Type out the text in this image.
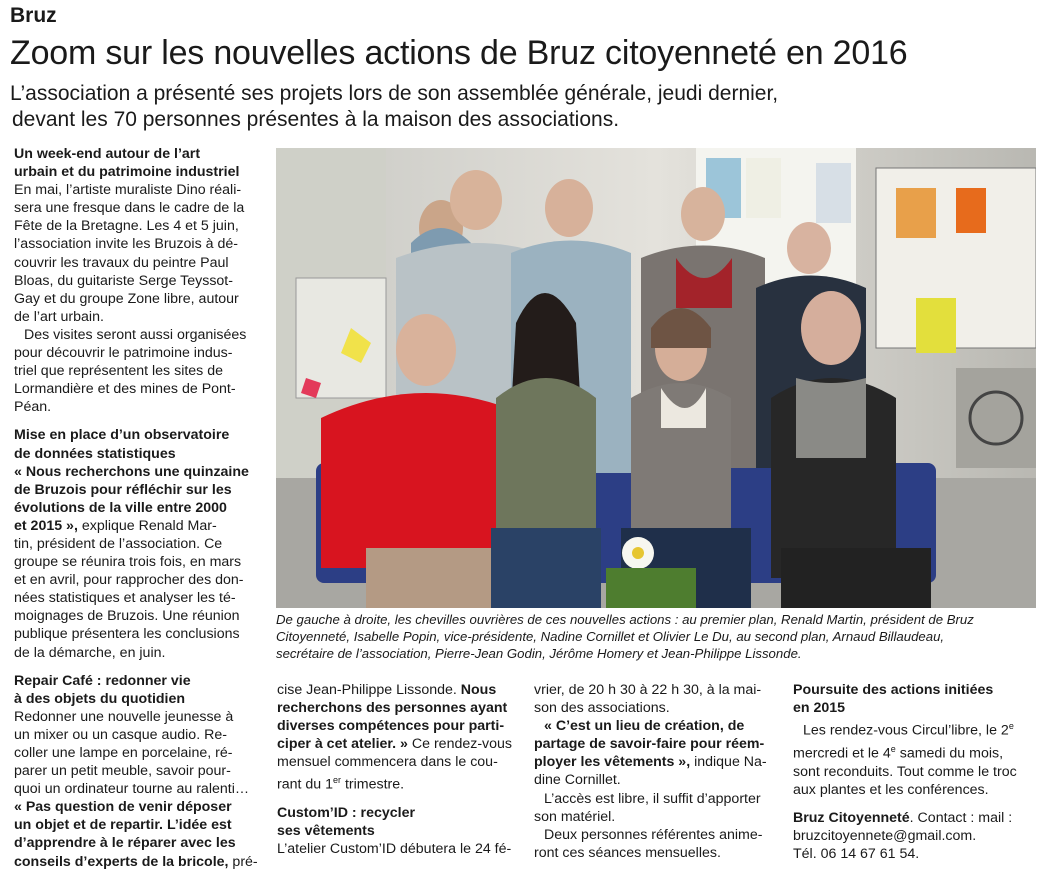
Bruz
Zoom sur les nouvelles actions de Bruz citoyenneté en 2016
L’association a présenté ses projets lors de son assemblée générale, jeudi dernier,
devant les 70 personnes présentes à la maison des associations.
Un week-end autour de l’art
urbain et du patrimoine industriel

En mai, l’artiste muraliste Dino réali-
sera une fresque dans le cadre de la
Fête de la Bretagne. Les 4 et 5 juin,
l’association invite les Bruzois à dé-
couvrir les travaux du peintre Paul
Bloas, du guitariste Serge Teyssot-
Gay et du groupe Zone libre, autour
de l’art urbain.

Des visites seront aussi organisées
pour découvrir le patrimoine indus-
triel que représentent les sites de
Lormandière et des mines de Pont-
Péan.

Mise en place d’un observatoire
de données statistiques

« Nous recherchons une quinzaine
de Bruzois pour réfléchir sur les
évolutions de la ville entre 2000
et 2015 », explique Renald Mar-
tin, président de l’association. Ce
groupe se réunira trois fois, en mars
et en avril, pour rapprocher des don-
nées statistiques et analyser les té-
moignages de Bruzois. Une réunion
publique présentera les conclusions
de la démarche, en juin.

Repair Café : redonner vie
à des objets du quotidien

Redonner une nouvelle jeunesse à
un mixer ou un casque audio. Re-
coller une lampe en porcelaine, ré-
parer un petit meuble, savoir pour-
quoi un ordinateur tourne au ralenti…
« Pas question de venir déposer
un objet et de repartir. L’idée est
d’apprendre à le réparer avec les
conseils d’experts de la bricole, pré-

De gauche à droite, les chevilles ouvrières de ces nouvelles actions : au premier plan, Renald Martin, président de Bruz
Citoyenneté, Isabelle Popin, vice-présidente, Nadine Cornillet et Olivier Le Du, au second plan, Arnaud Billaudeau,
secrétaire de l’association, Pierre-Jean Godin, Jérôme Homery et Jean-Philippe Lissonde.

cise Jean-Philippe Lissonde. Nous
recherchons des personnes ayant
diverses compétences pour parti-
ciper à cet atelier. » Ce rendez-vous
mensuel commencera dans le cou-
rant du 1er trimestre.

Custom’ID : recycler
ses vêtements

L’atelier Custom’ID débutera le 24 fé-

vrier, de 20 h 30 à 22 h 30, à la mai-
son des associations.

« C’est un lieu de création, de
partage de savoir-faire pour réem-
ployer les vêtements », indique Na-
dine Cornillet.

L’accès est libre, il suffit d’apporter
son matériel.

Deux personnes référentes anime-
ront ces séances mensuelles.

Poursuite des actions initiées
en 2015

Les rendez-vous Circul’libre, le 2e
mercredi et le 4e samedi du mois,
sont reconduits. Tout comme le troc
aux plantes et les conférences.

Bruz Citoyenneté. Contact : mail :
bruzcitoyennete@gmail.com.
Tél. 06 14 67 61 54.
